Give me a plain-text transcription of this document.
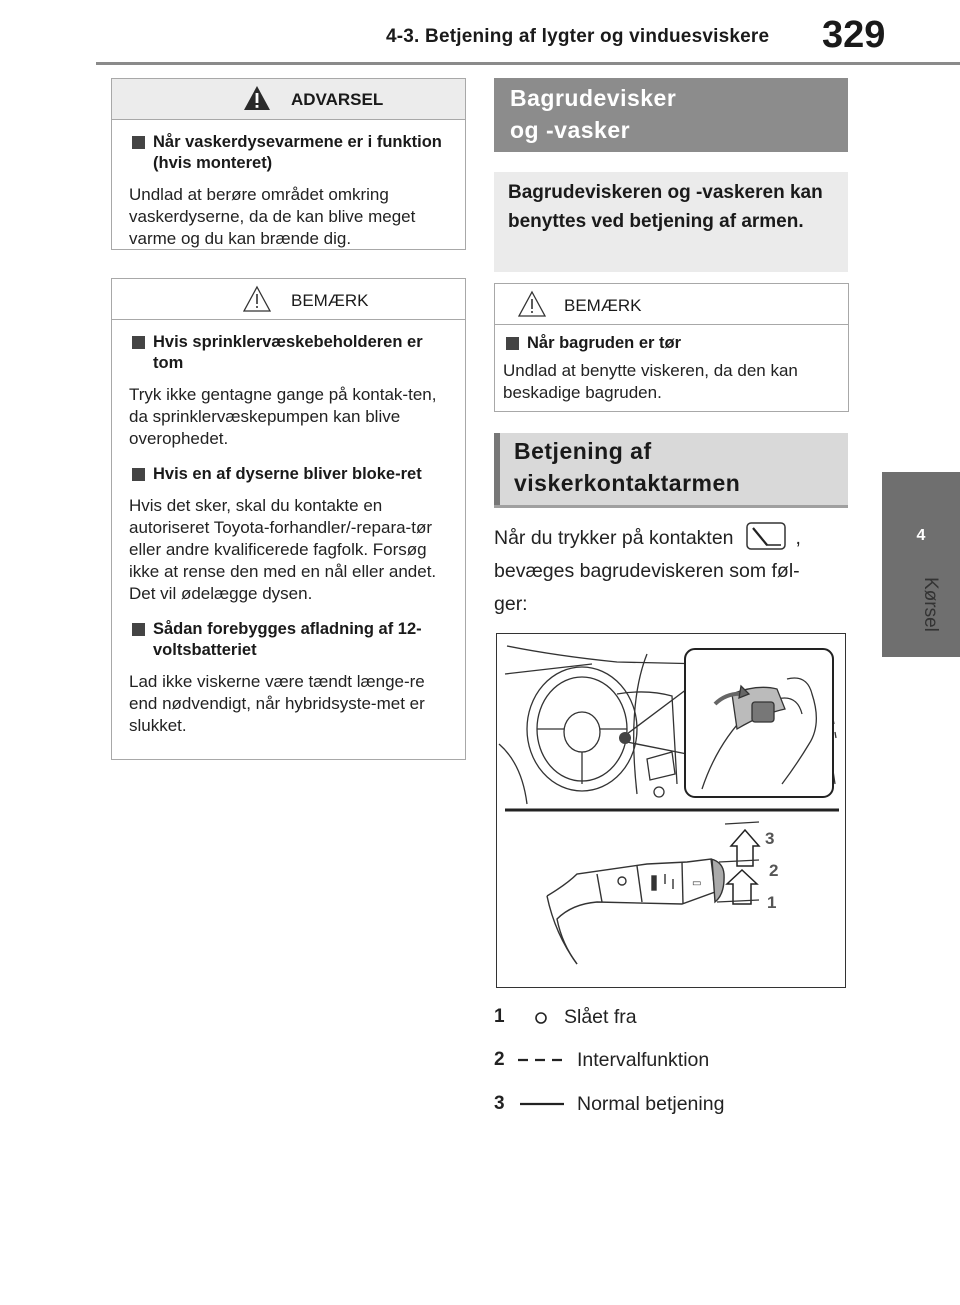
4-3. Betjening af lygter og vinduesviskere 329
4
Kørsel
ADVARSEL
Når vaskerdysevarmene er i funktion (hvis monteret)
Undlad at berøre området omkring vaskerdyserne, da de kan blive meget varme og du kan brænde dig.
BEMÆRK
Hvis sprinklervæskebeholderen er tom
Tryk ikke gentagne gange på kontak-ten, da sprinklervæskepumpen kan blive overophedet.
Hvis en af dyserne bliver bloke-ret
Hvis det sker, skal du kontakte en autoriseret Toyota-forhandler/-repara-tør eller andre kvalificerede fagfolk. Forsøg ikke at rense den med en nål eller andet. Det vil ødelægge dysen.
Sådan forebygges afladning af 12-voltsbatteriet
Lad ikke viskerne være tændt længe-re end nødvendigt, når hybridsyste-met er slukket.
Bagrudevisker
og -vasker
Bagrudeviskeren og -vaskeren kan benyttes ved betjening af armen.
BEMÆRK
Når bagruden er tør
Undlad at benytte viskeren, da den kan beskadige bagruden.
Betjening af
viskerkontaktarmen
Når du trykker på kontakten	,
bevæges bagrudeviskeren som føl-
ger:
▭
3
2
1
1	Slået fra
2	Intervalfunktion
3	Normal betjening
